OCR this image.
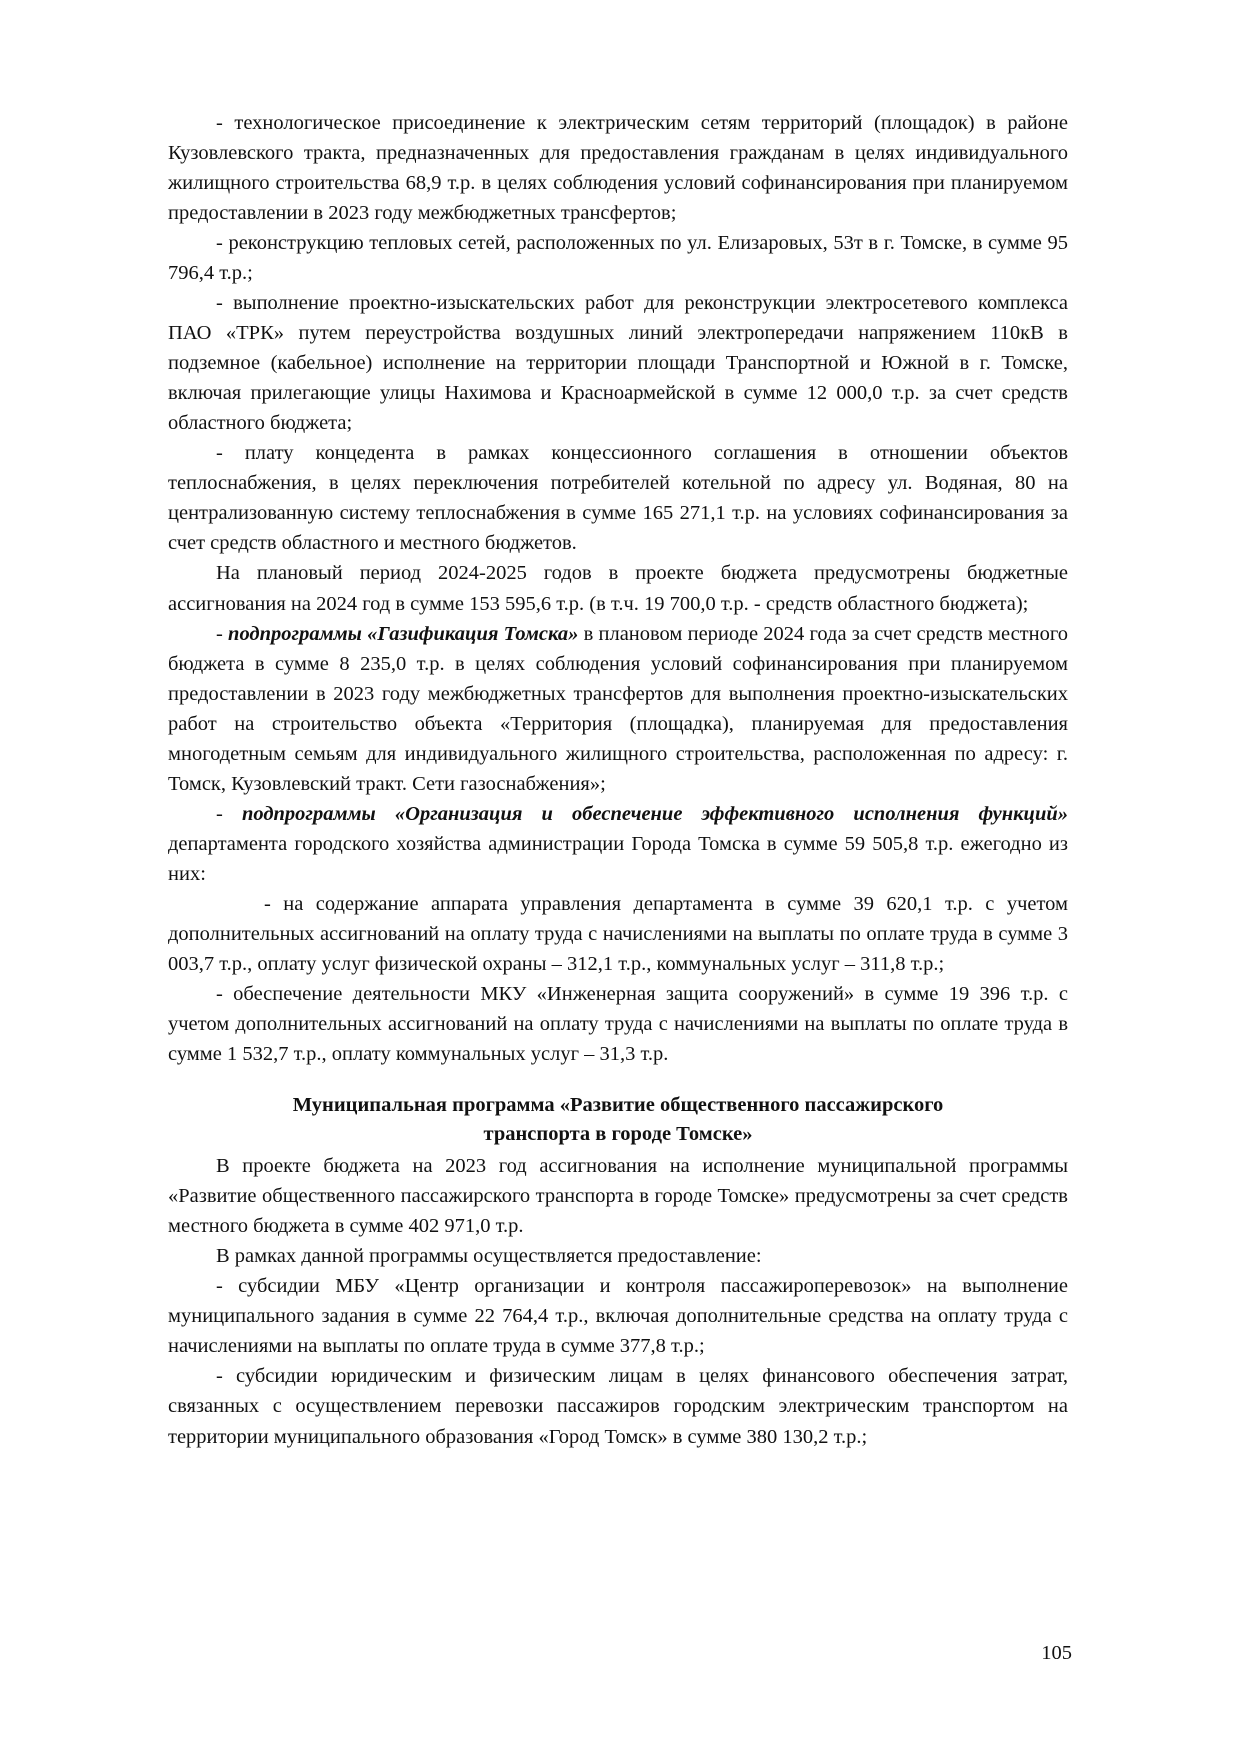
- технологическое присоединение к электрическим сетям территорий (площадок) в районе Кузовлевского тракта, предназначенных для предоставления гражданам в целях индивидуального жилищного строительства 68,9 т.р. в целях соблюдения условий софинансирования при планируемом предоставлении в 2023 году межбюджетных трансфертов;

- реконструкцию тепловых сетей, расположенных по ул. Елизаровых, 53т в г. Томске, в сумме 95 796,4 т.р.;

- выполнение проектно-изыскательских работ для реконструкции электросетевого комплекса ПАО «ТРК» путем переустройства воздушных линий электропередачи напряжением 110кВ в подземное (кабельное) исполнение на территории площади Транспортной и Южной в г. Томске, включая прилегающие улицы Нахимова и Красноармейской в сумме 12 000,0 т.р. за счет средств областного бюджета;

- плату концедента в рамках концессионного соглашения в отношении объектов теплоснабжения, в целях переключения потребителей котельной по адресу ул. Водяная, 80 на централизованную систему теплоснабжения в сумме 165 271,1 т.р. на условиях софинансирования за счет средств областного и местного бюджетов.

На плановый период 2024-2025 годов в проекте бюджета предусмотрены бюджетные ассигнования на 2024 год в сумме 153 595,6 т.р. (в т.ч. 19 700,0 т.р. - средств областного бюджета);

- подпрограммы «Газификация Томска» в плановом периоде 2024 года за счет средств местного бюджета в сумме 8 235,0 т.р. в целях соблюдения условий софинансирования при планируемом предоставлении в 2023 году межбюджетных трансфертов для выполнения проектно-изыскательских работ на строительство объекта «Территория (площадка), планируемая для предоставления многодетным семьям для индивидуального жилищного строительства, расположенная по адресу: г. Томск, Кузовлевский тракт. Сети газоснабжения»;

- подпрограммы «Организация и обеспечение эффективного исполнения функций» департамента городского хозяйства администрации Города Томска в сумме 59 505,8 т.р. ежегодно из них:

- на содержание аппарата управления департамента в сумме 39 620,1 т.р. с учетом дополнительных ассигнований на оплату труда с начислениями на выплаты по оплате труда в сумме 3 003,7 т.р., оплату услуг физической охраны – 312,1 т.р., коммунальных услуг – 311,8 т.р.;

- обеспечение деятельности МКУ «Инженерная защита сооружений» в сумме 19 396 т.р. с учетом дополнительных ассигнований на оплату труда с начислениями на выплаты по оплате труда в сумме 1 532,7 т.р., оплату коммунальных услуг – 31,3 т.р.

Муниципальная программа «Развитие общественного пассажирского
транспорта в городе Томске»

В проекте бюджета на 2023 год ассигнования на исполнение муниципальной программы «Развитие общественного пассажирского транспорта в городе Томске» предусмотрены за счет средств местного бюджета в сумме 402 971,0 т.р.

В рамках данной программы осуществляется предоставление:

- субсидии МБУ «Центр организации и контроля пассажироперевозок» на выполнение муниципального задания в сумме 22 764,4 т.р., включая дополнительные средства на оплату труда с начислениями на выплаты по оплате труда в сумме 377,8 т.р.;

- субсидии юридическим и физическим лицам в целях финансового обеспечения затрат, связанных с осуществлением перевозки пассажиров городским электрическим транспортом на территории муниципального образования «Город Томск» в сумме 380 130,2 т.р.;

105
